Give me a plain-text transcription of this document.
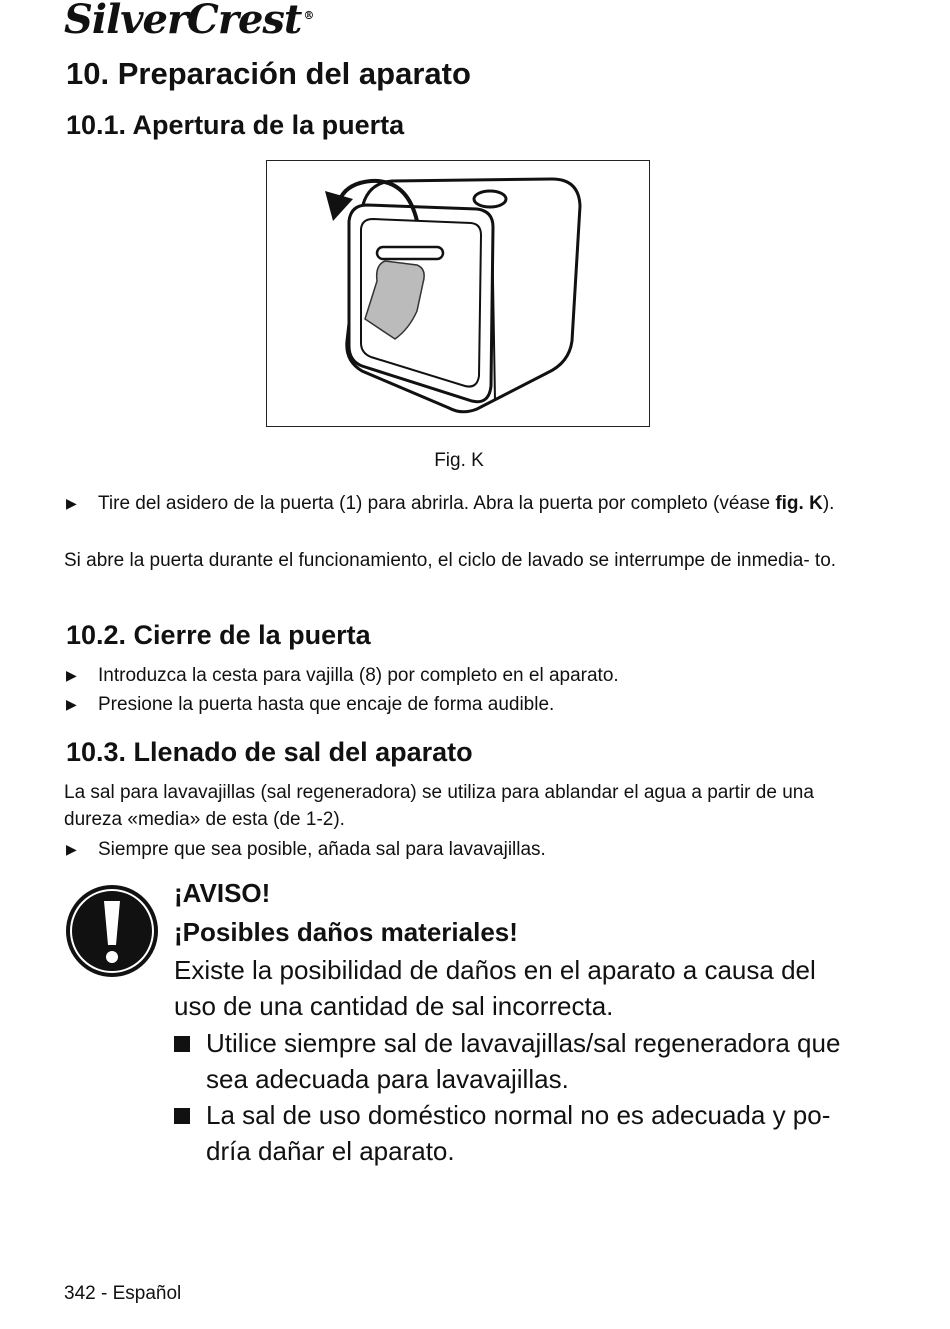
SilverCrest ®
10. Preparación del aparato
10.1. Apertura de la puerta
Fig. K
▶	Tire del asidero de la puerta (1) para abrirla. Abra la puerta por completo (véase fig. K).
Si abre la puerta durante el funcionamiento, el ciclo de lavado se interrumpe de inmedia- to.
10.2. Cierre de la puerta
▶	Introduzca la cesta para vajilla (8) por completo en el aparato.
▶	Presione la puerta hasta que encaje de forma audible.
10.3. Llenado de sal del aparato
La sal para lavavajillas (sal regeneradora) se utiliza para ablandar el agua a partir de una dureza «media» de esta (de 1-2).
▶	Siempre que sea posible, añada sal para lavavajillas.
¡AVISO!
¡Posibles daños materiales!
Existe la posibilidad de daños en el aparato a causa del uso de una cantidad de sal incorrecta.
Utilice siempre sal de lavavajillas/sal regeneradora que sea adecuada para lavavajillas.
La sal de uso doméstico normal no es adecuada y po- dría dañar el aparato.
342 - Español
